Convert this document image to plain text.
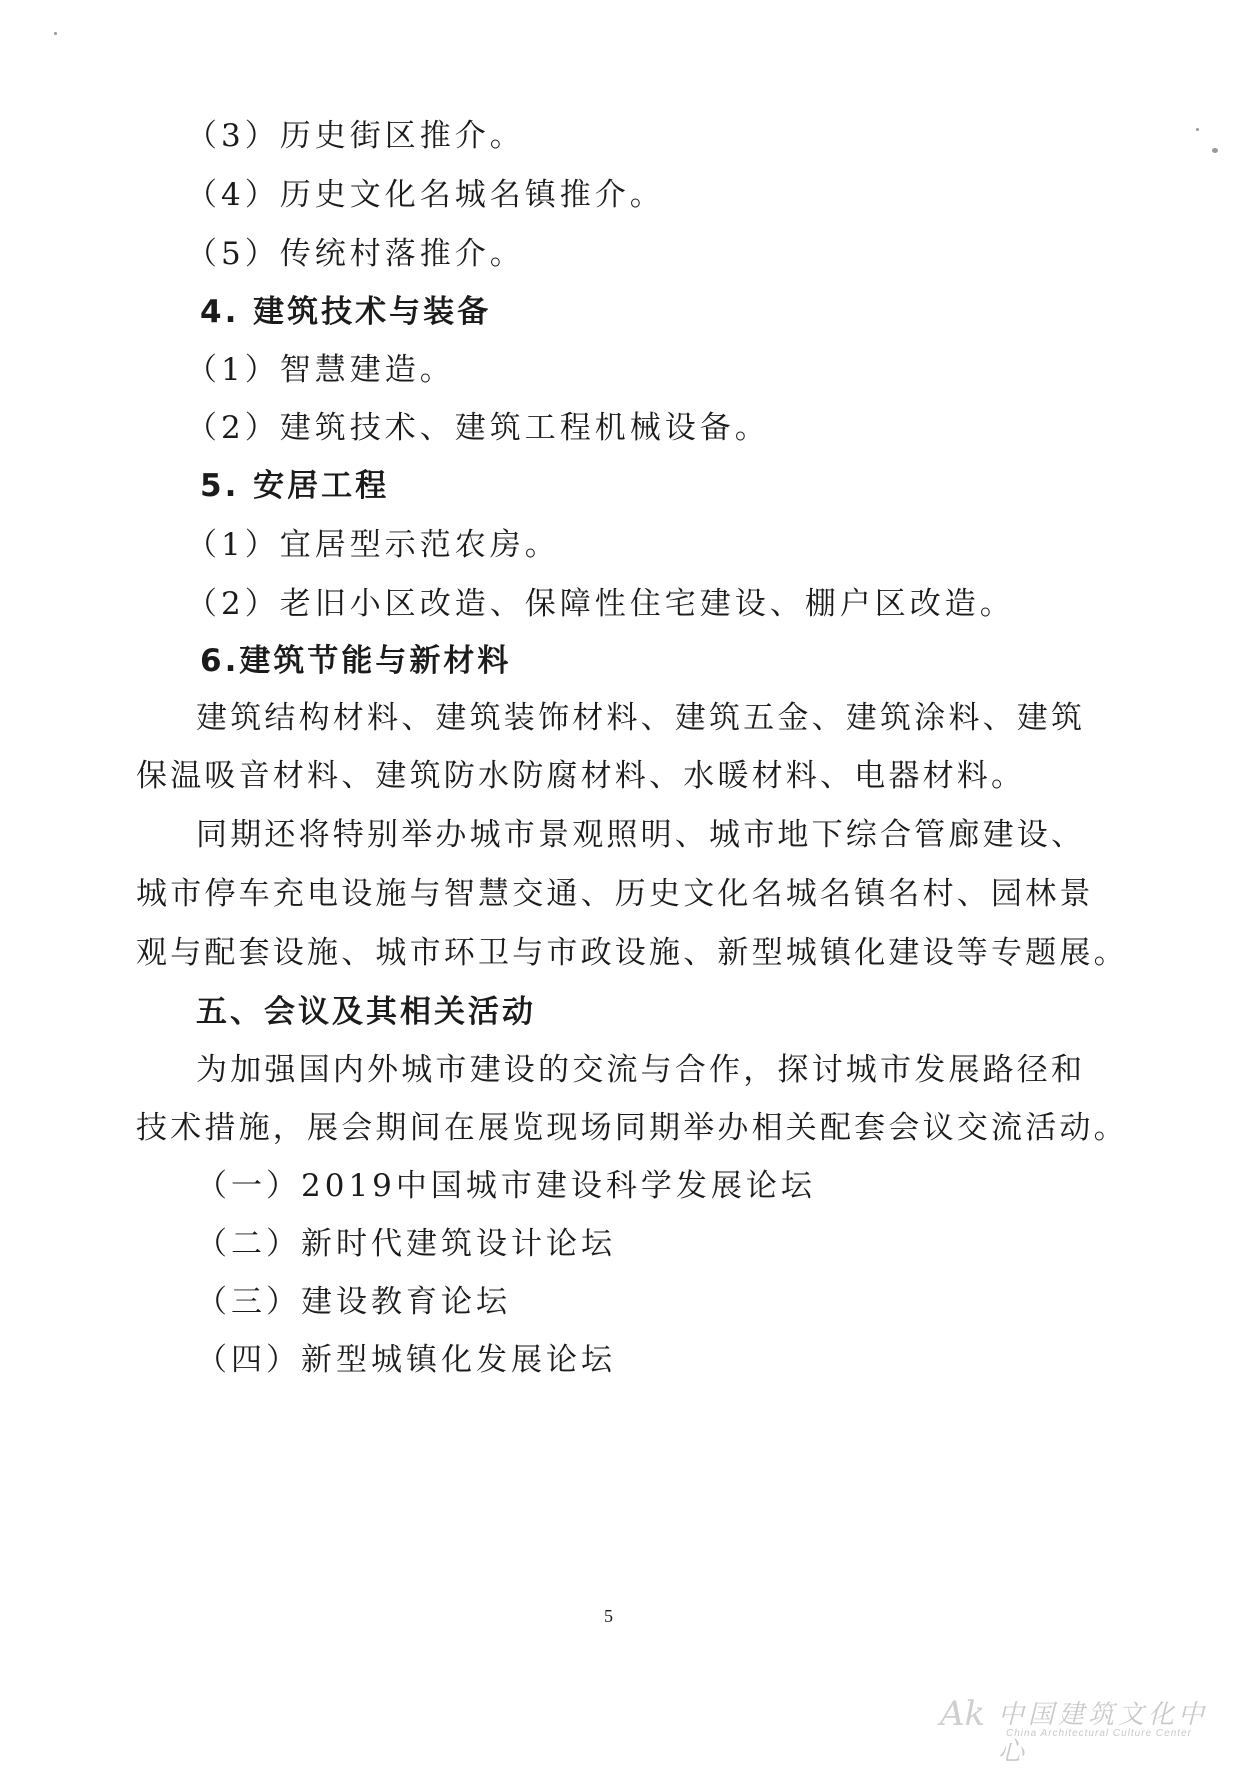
（3）历史街区推介。
（4）历史文化名城名镇推介。
（5）传统村落推介。
4. 建筑技术与装备
（1）智慧建造。
（2）建筑技术、建筑工程机械设备。
5. 安居工程
（1）宜居型示范农房。
（2）老旧小区改造、保障性住宅建设、棚户区改造。
6.建筑节能与新材料
建筑结构材料、建筑装饰材料、建筑五金、建筑涂料、建筑
保温吸音材料、建筑防水防腐材料、水暖材料、电器材料。
同期还将特别举办城市景观照明、城市地下综合管廊建设、
城市停车充电设施与智慧交通、历史文化名城名镇名村、园林景
观与配套设施、城市环卫与市政设施、新型城镇化建设等专题展。
五、会议及其相关活动
为加强国内外城市建设的交流与合作，探讨城市发展路径和
技术措施，展会期间在展览现场同期举办相关配套会议交流活动。
（一）2019中国城市建设科学发展论坛
（二）新时代建筑设计论坛
（三）建设教育论坛
（四）新型城镇化发展论坛
5
Ak 中国建筑文化中心
China Architectural Culture Center
